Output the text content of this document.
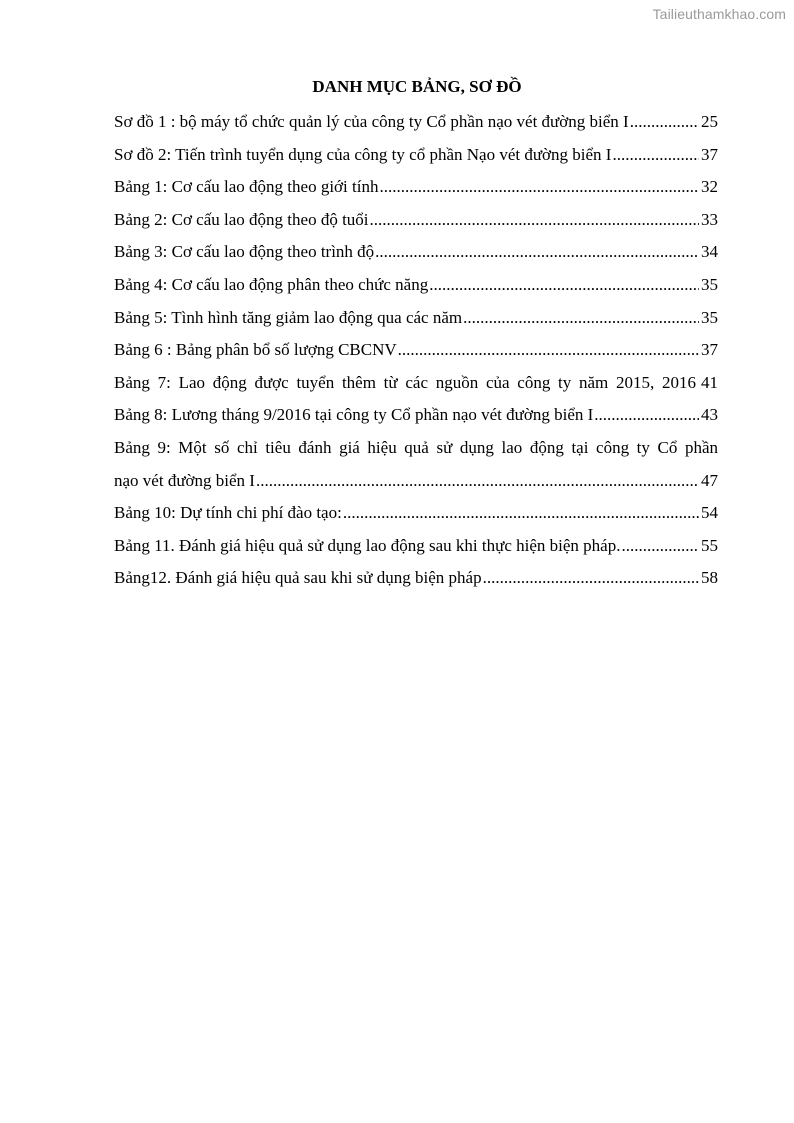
Tailieuthamkhao.com
DANH MỤC BẢNG, SƠ ĐỒ
Sơ đồ 1 : bộ máy tổ chức quản lý của công ty Cổ phần nạo vét đường biển I .....	25
Sơ đồ 2: Tiến trình tuyển dụng của công ty cổ phần Nạo vét đường biển I .....	37
Bảng 1: Cơ cấu lao động theo giới tính .....	32
Bảng 2: Cơ cấu lao động theo độ tuổi .....	33
Bảng 3: Cơ cấu lao động theo trình độ .....	34
Bảng 4: Cơ cấu lao động phân theo chức năng .....	35
Bảng 5: Tình hình tăng giảm lao động qua các năm .....	35
Bảng 6 : Bảng phân bổ số lượng CBCNV .....	37
Bảng 7: Lao động được tuyển thêm từ các nguồn của công ty năm 2015, 2016 41
Bảng 8: Lương tháng 9/2016 tại công ty Cổ phần nạo vét đường biển I .....	43
Bảng 9: Một số chỉ tiêu đánh giá hiệu quả sử dụng lao động tại công ty Cổ phần
nạo vét đường biển I .....	47
Bảng 10: Dự tính chi phí đào tạo: .....	54
Bảng 11. Đánh giá hiệu quả sử dụng lao động sau khi thực hiện biện pháp. .....	55
Bảng12. Đánh giá hiệu quả sau khi sử dụng biện pháp .....	58
